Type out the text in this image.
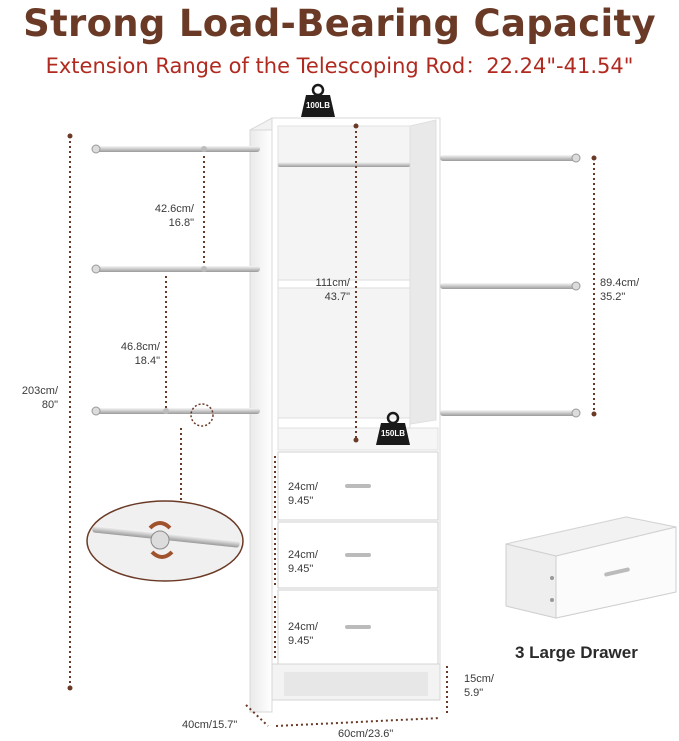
Strong Load-Bearing Capacity
Extension Range of the Telescoping Rod：22.24"-41.54"
100LB
150LB
42.6cm/
16.8"
46.8cm/
18.4"
203cm/
80"
111cm/
43.7"
89.4cm/
35.2"
24cm/
9.45"
24cm/
9.45"
24cm/
9.45"
15cm/
5.9"
40cm/15.7"
60cm/23.6"
3 Large Drawer
